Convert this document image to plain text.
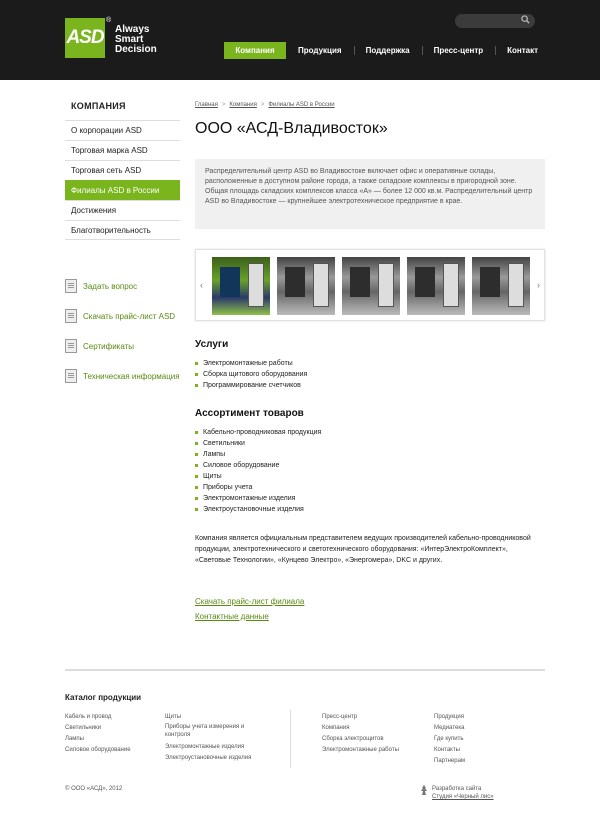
ASD
®
Always
Smart
Decision	Компания	Продукция	Поддержка	Пресс-центр	Контакт
КОМПАНИЯ
О корпорации ASD
Торговая марка ASD
Торговая сеть ASD
Филиалы ASD в России
Достижения
Благотворительность
Задать вопрос
Скачать прайс-лист ASD
Сертификаты
Техническая информация
Главная > Компания > Филиалы ASD в России
ООО «АСД-Владивосток»
Распределительный центр ASD во Владивостоке включает офис и оперативные склады, расположенные в доступном районе города, а также складские комплексы в пригородной зоне. Общая площадь складских комплексов класса «А» — более 12 000 кв.м. Распределительный центр ASD во Владивостоке — крупнейшее электротехническое предприятие в крае.
‹	›
Услуги
Электромонтажные работы
Сборка щитового оборудования
Программирование счетчиков
Ассортимент товаров
Кабельно-проводниковая продукция
Светильники
Лампы
Силовое оборудование
Щиты
Приборы учета
Электромонтажные изделия
Электроустановочные изделия
Компания является официальным представителем ведущих производителей кабельно-проводниковой продукции, электротехнического и светотехнического оборудования: «ИнтерЭлектроКомплект», «Световые Технологии», «Кунцево Электро», «Энергомера», DKC и других.
Скачать прайс-лист филиала
Контактные данные
Каталог продукции
Кабель и провод
Светильники
Лампы
Силовое оборудование
Щиты
Приборы учета измерения и контроля
Электромонтажные изделия
Электроустановочные изделия
Пресс-центр
Компания
Сборка электрощитов
Электромонтажные работы
Продукция
Медиатека
Где купить
Контакты
Партнерам
© ООО «АСД», 2012	Разработка сайта
Студия «Черный лис»
